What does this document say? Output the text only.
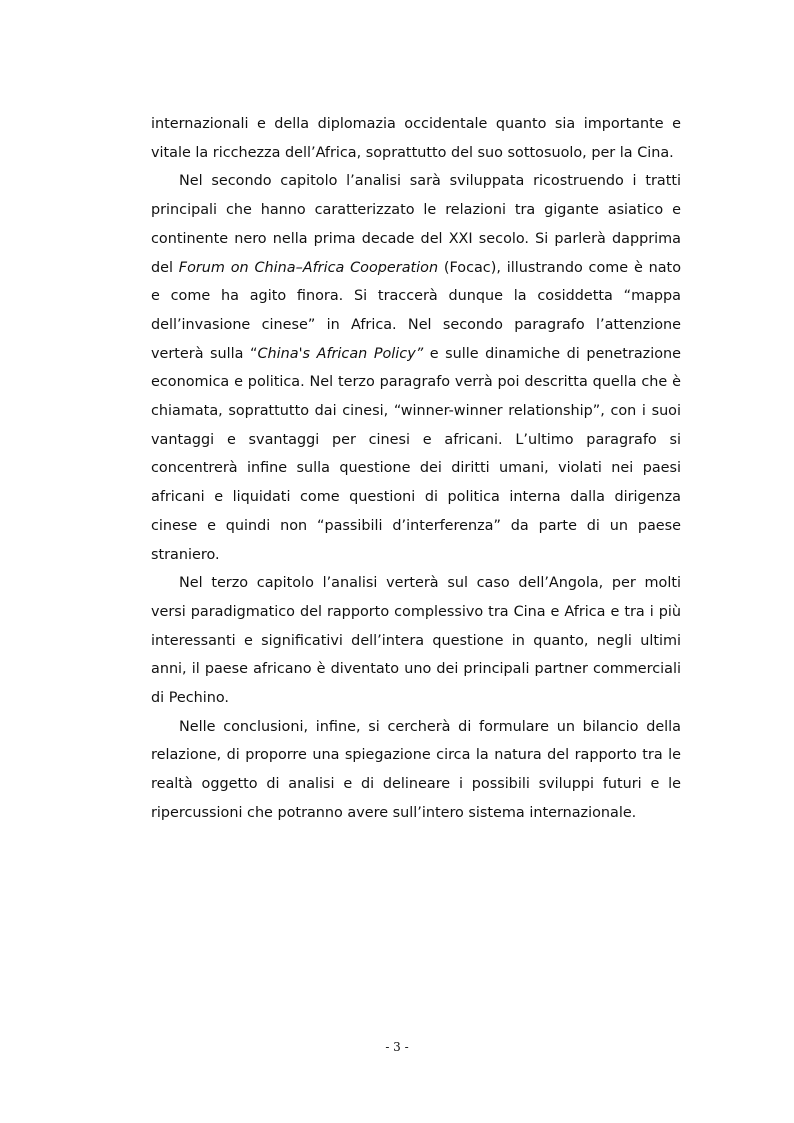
internazionali e della diplomazia occidentale quanto sia importante e vitale la ricchezza dell’Africa, soprattutto del suo sottosuolo, per la Cina.

Nel secondo capitolo l’analisi sarà sviluppata ricostruendo i tratti principali che hanno caratterizzato le relazioni tra gigante asiatico e continente nero nella prima decade del XXI secolo. Si parlerà dapprima del Forum on China–Africa Cooperation (Focac), illustrando come è nato e come ha agito finora. Si traccerà dunque la cosiddetta “mappa dell’invasione cinese” in Africa. Nel secondo paragrafo l’attenzione verterà sulla “China's African Policy” e sulle dinamiche di penetrazione economica e politica. Nel terzo paragrafo verrà poi descritta quella che è chiamata, soprattutto dai cinesi, “winner-winner relationship”, con i suoi vantaggi e svantaggi per cinesi e africani. L’ultimo paragrafo si concentrerà infine sulla questione dei diritti umani, violati nei paesi africani e liquidati come questioni di politica interna dalla dirigenza cinese e quindi non “passibili d’interferenza” da parte di un paese straniero.

Nel terzo capitolo l’analisi verterà sul caso dell’Angola, per molti versi paradigmatico del rapporto complessivo tra Cina e Africa e tra i più interessanti e significativi dell’intera questione in quanto, negli ultimi anni, il paese africano è diventato uno dei principali partner commerciali di Pechino.

Nelle conclusioni, infine, si cercherà di formulare un bilancio della relazione, di proporre una spiegazione circa la natura del rapporto tra le realtà oggetto di analisi e di delineare i possibili sviluppi futuri e le ripercussioni che potranno avere sull’intero sistema internazionale.

- 3 -
